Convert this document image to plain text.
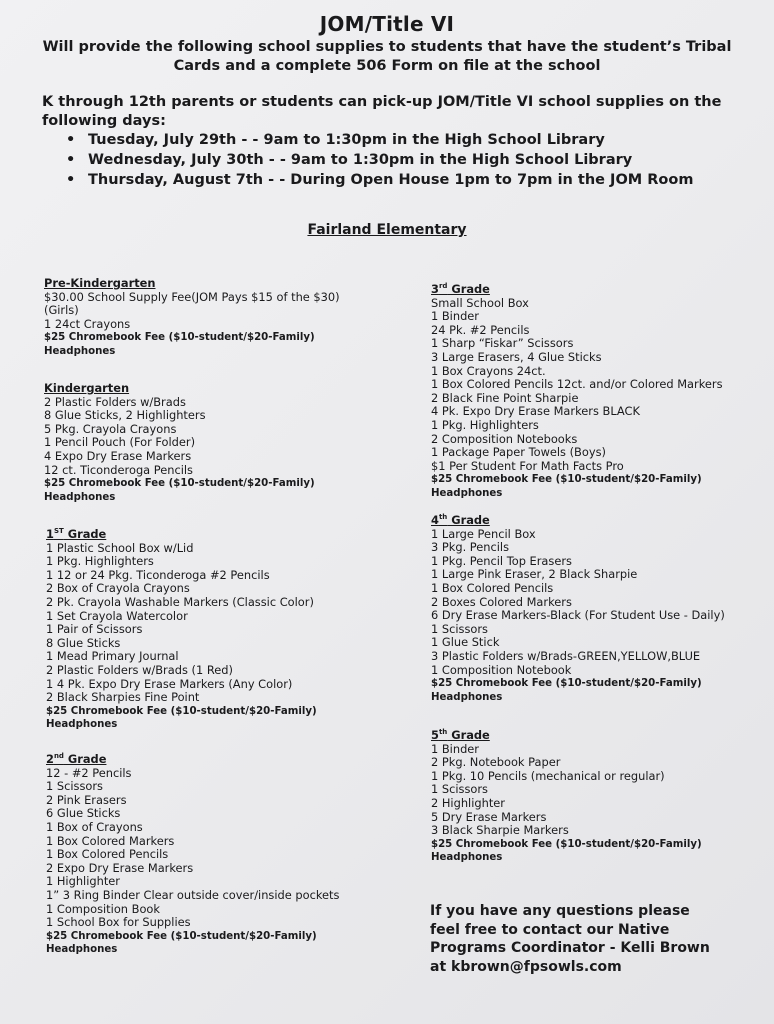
JOM/Title VI
Will provide the following school supplies to students that have the student’s Tribal Cards and a complete 506 Form on file at the school
K through 12th parents or students can pick-up JOM/Title VI school supplies on the following days:
• Tuesday, July 29th - - 9am to 1:30pm in the High School Library
• Wednesday, July 30th - - 9am to 1:30pm in the High School Library
• Thursday, August 7th - - During Open House 1pm to 7pm in the JOM Room
Fairland Elementary
Pre-Kindergarten
$30.00 School Supply Fee(JOM Pays $15 of the $30)
(Girls)
1 24ct Crayons
$25 Chromebook Fee ($10-student/$20-Family)
Headphones
Kindergarten
2 Plastic Folders w/Brads
8 Glue Sticks, 2 Highlighters
5 Pkg. Crayola Crayons
1 Pencil Pouch (For Folder)
4 Expo Dry Erase Markers
12 ct. Ticonderoga Pencils
$25 Chromebook Fee ($10-student/$20-Family)
Headphones
1ST Grade
1 Plastic School Box w/Lid
1 Pkg. Highlighters
1 12 or 24 Pkg. Ticonderoga #2 Pencils
2 Box of Crayola Crayons
2 Pk. Crayola Washable Markers (Classic Color)
1 Set Crayola Watercolor
1 Pair of Scissors
8 Glue Sticks
1 Mead Primary Journal
2 Plastic Folders w/Brads (1 Red)
1 4 Pk. Expo Dry Erase Markers (Any Color)
2 Black Sharpies Fine Point
$25 Chromebook Fee ($10-student/$20-Family)
Headphones
2nd Grade
12 - #2 Pencils
1 Scissors
2 Pink Erasers
6 Glue Sticks
1 Box of Crayons
1 Box Colored Markers
1 Box Colored Pencils
2 Expo Dry Erase Markers
1 Highlighter
1” 3 Ring Binder Clear outside cover/inside pockets
1 Composition Book
1 School Box for Supplies
$25 Chromebook Fee ($10-student/$20-Family)
Headphones
3rd Grade
Small School Box
1 Binder
24 Pk. #2 Pencils
1 Sharp “Fiskar” Scissors
3 Large Erasers, 4 Glue Sticks
1 Box Crayons 24ct.
1 Box Colored Pencils 12ct. and/or Colored Markers
2 Black Fine Point Sharpie
4 Pk. Expo Dry Erase Markers BLACK
1 Pkg. Highlighters
2 Composition Notebooks
1 Package Paper Towels (Boys)
$1 Per Student For Math Facts Pro
$25 Chromebook Fee ($10-student/$20-Family)
Headphones
4th Grade
1 Large Pencil Box
3 Pkg. Pencils
1 Pkg. Pencil Top Erasers
1 Large Pink Eraser, 2 Black Sharpie
1 Box Colored Pencils
2 Boxes Colored Markers
6 Dry Erase Markers-Black (For Student Use - Daily)
1 Scissors
1 Glue Stick
3 Plastic Folders w/Brads-GREEN,YELLOW,BLUE
1 Composition Notebook
$25 Chromebook Fee ($10-student/$20-Family)
Headphones
5th Grade
1 Binder
2 Pkg. Notebook Paper
1 Pkg. 10 Pencils (mechanical or regular)
1 Scissors
2 Highlighter
5 Dry Erase Markers
3 Black Sharpie Markers
$25 Chromebook Fee ($10-student/$20-Family)
Headphones
If you have any questions please
feel free to contact our Native
Programs Coordinator - Kelli Brown
at kbrown@fpsowls.com
